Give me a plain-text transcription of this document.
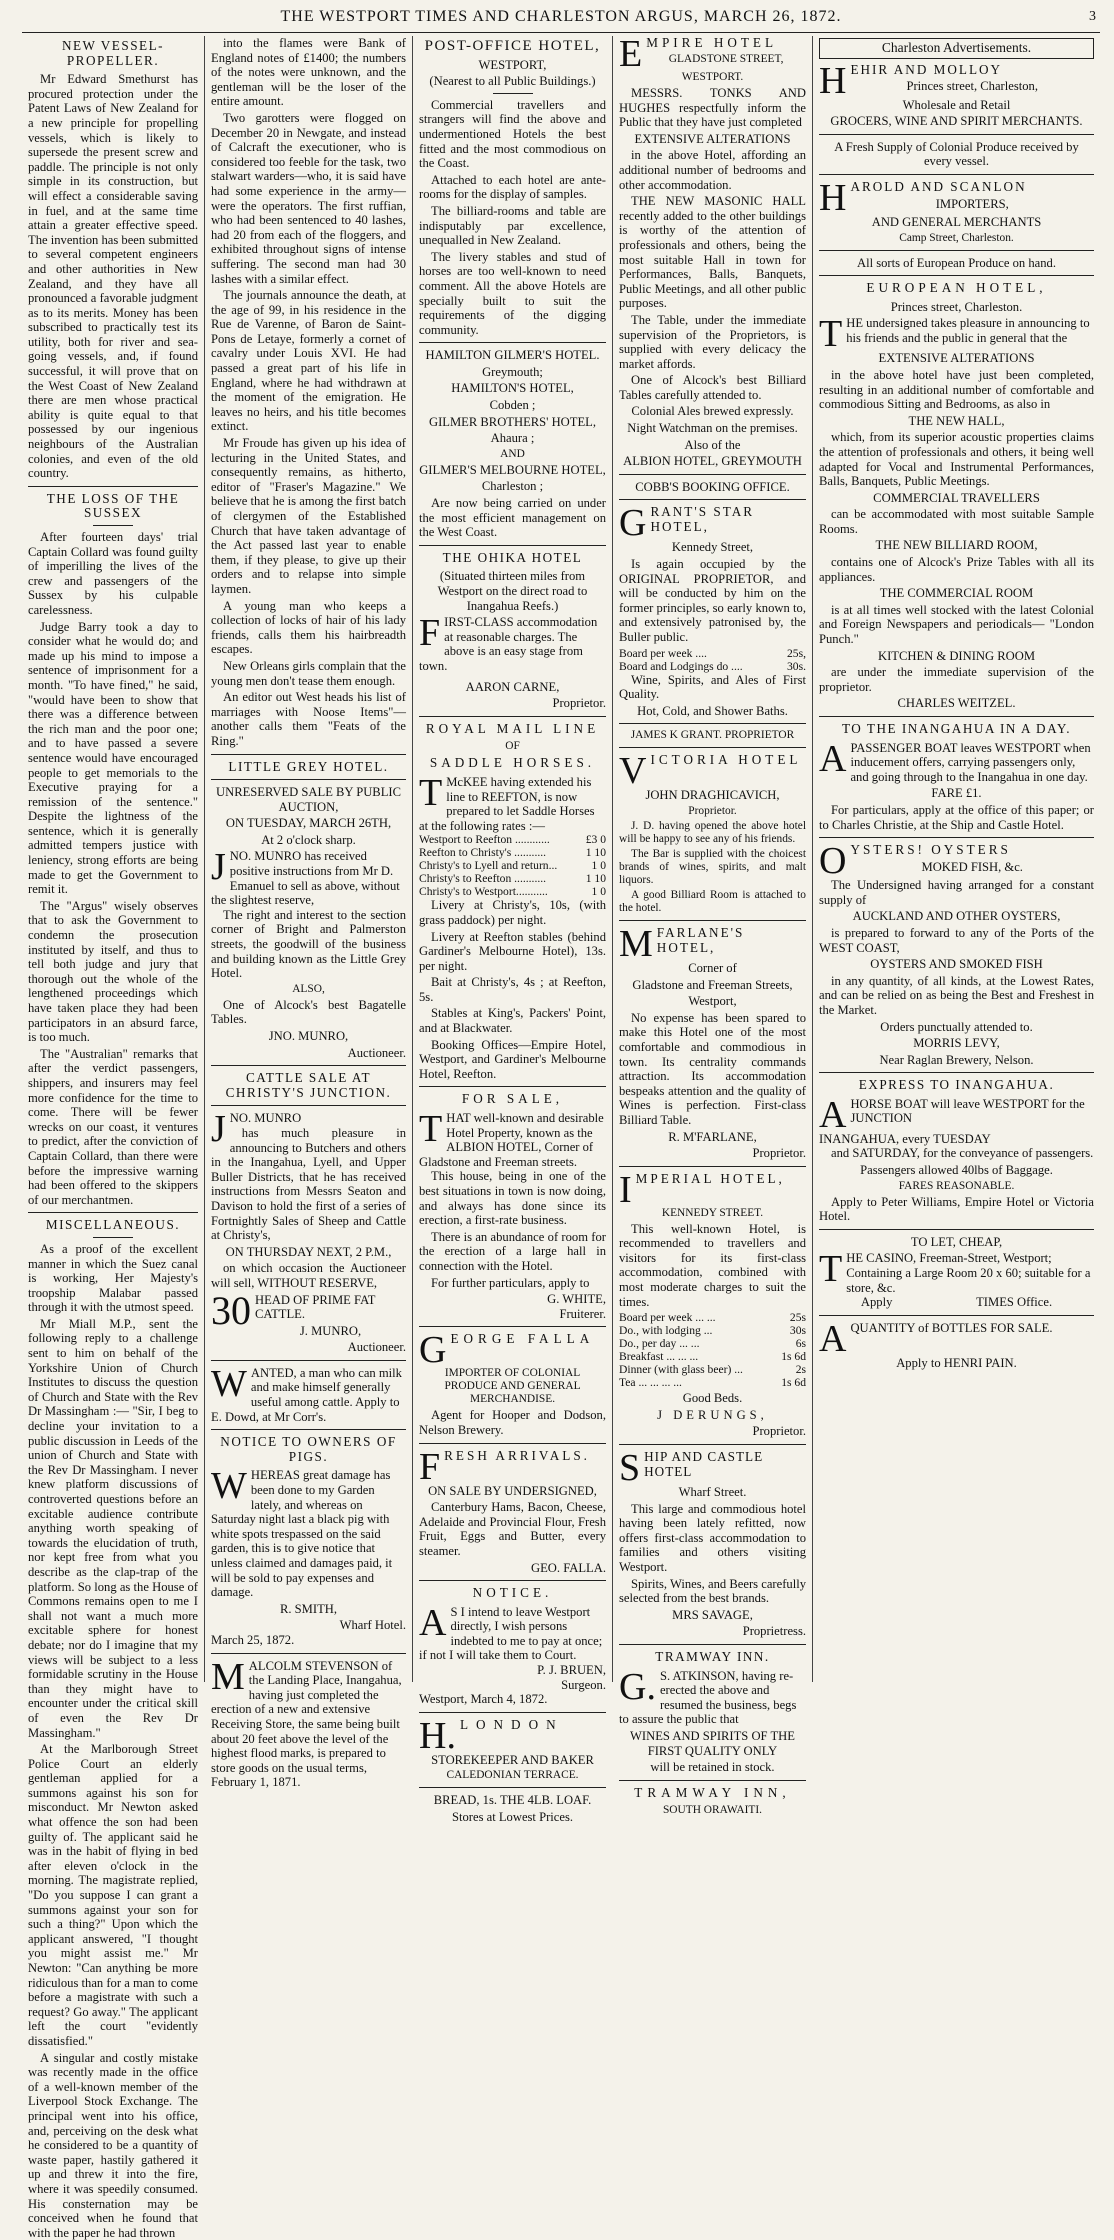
THE WESTPORT TIMES AND CHARLESTON ARGUS, MARCH 26, 1872.	3
NEW VESSEL-PROPELLER.

Mr Edward Smethurst has procured protection under the Patent Laws of New Zealand for a new principle for propelling vessels, which is likely to supersede the present screw and paddle. The principle is not only simple in its construction, but will effect a considerable saving in fuel, and at the same time attain a greater effective speed. The invention has been submitted to several competent engineers and other authorities in New Zealand, and they have all pronounced a favorable judgment as to its merits. Money has been subscribed to practically test its utility, both for river and sea-going vessels, and, if found successful, it will prove that on the West Coast of New Zealand there are men whose practical ability is quite equal to that possessed by our ingenious neighbours of the Australian colonies, and even of the old country.

THE LOSS OF THE SUSSEX

After fourteen days' trial Captain Collard was found guilty of imperilling the lives of the crew and passengers of the Sussex by his culpable carelessness.

Judge Barry took a day to consider what he would do; and made up his mind to impose a sentence of imprisonment for a month. "To have fined," he said, "would have been to show that there was a difference between the rich man and the poor one; and to have passed a severe sentence would have encouraged people to get memorials to the Executive praying for a remission of the sentence." Despite the lightness of the sentence, which it is generally admitted tempers justice with leniency, strong efforts are being made to get the Government to remit it.

The "Argus" wisely observes that to ask the Government to condemn the prosecution instituted by itself, and thus to tell both judge and jury that thorough out the whole of the lengthened proceedings which have taken place they had been participators in an absurd farce, is too much.

The "Australian" remarks that after the verdict passengers, shippers, and insurers may feel more confidence for the time to come. There will be fewer wrecks on our coast, it ventures to predict, after the conviction of Captain Collard, than there were before the impressive warning had been offered to the skippers of our merchantmen.

MISCELLANEOUS.

As a proof of the excellent manner in which the Suez canal is working, Her Majesty's troopship Malabar passed through it with the utmost speed.

Mr Miall M.P., sent the following reply to a challenge sent to him on behalf of the Yorkshire Union of Church Institutes to discuss the question of Church and State with the Rev Dr Massingham :— "Sir, I beg to decline your invitation to a public discussion in Leeds of the union of Church and State with the Rev Dr Massingham. I never knew platform discussions of controverted questions before an excitable audience contribute anything worth speaking of towards the elucidation of truth, nor kept free from what you describe as the clap-trap of the platform. So long as the House of Commons remains open to me I shall not want a much more excitable sphere for honest debate; nor do I imagine that my views will be subject to a less formidable scrutiny in the House than they might have to encounter under the critical skill of even the Rev Dr Massingham."

At the Marlborough Street Police Court an elderly gentleman applied for a summons against his son for misconduct. Mr Newton asked what offence the son had been guilty of. The applicant said he was in the habit of flying in bed after eleven o'clock in the morning. The magistrate replied, "Do you suppose I can grant a summons against your son for such a thing?" Upon which the applicant answered, "I thought you might assist me." Mr Newton: "Can anything be more ridiculous than for a man to come before a magistrate with such a request? Go away." The applicant left the court "evidently dissatisfied."

A singular and costly mistake was recently made in the office of a well-known member of the Liverpool Stock Exchange. The principal went into his office, and, perceiving on the desk what he considered to be a quantity of waste paper, hastily gathered it up and threw it into the fire, where it was speedily consumed. His consternation may be conceived when he found that with the paper he had thrown

into the flames were Bank of England notes of £1400; the numbers of the notes were unknown, and the gentleman will be the loser of the entire amount.

Two garotters were flogged on December 20 in Newgate, and instead of Calcraft the executioner, who is considered too feeble for the task, two stalwart warders—who, it is said have had some experience in the army—were the operators. The first ruffian, who had been sentenced to 40 lashes, had 20 from each of the floggers, and exhibited throughout signs of intense suffering. The second man had 30 lashes with a similar effect.

The journals announce the death, at the age of 99, in his residence in the Rue de Varenne, of Baron de Saint-Pons de Letaye, formerly a cornet of cavalry under Louis XVI. He had passed a great part of his life in England, where he had withdrawn at the moment of the emigration. He leaves no heirs, and his title becomes extinct.

Mr Froude has given up his idea of lecturing in the United States, and consequently remains, as hitherto, editor of "Fraser's Magazine." We believe that he is among the first batch of clergymen of the Established Church that have taken advantage of the Act passed last year to enable them, if they please, to give up their orders and to relapse into simple laymen.

A young man who keeps a collection of locks of hair of his lady friends, calls them his hairbreadth escapes.

New Orleans girls complain that the young men don't tease them enough.

An editor out West heads his list of marriages with Noose Items"—another calls them "Feats of the Ring."

LITTLE GREY HOTEL.
UNRESERVED SALE BY PUBLIC AUCTION,
ON TUESDAY, MARCH 26TH,
At 2 o'clock sharp.
JNO. MUNRO has received positive instructions from Mr D. Emanuel to sell as above, without the slightest reserve,

The right and interest to the section corner of Bright and Palmerston streets, the goodwill of the business and building known as the Little Grey Hotel.

ALSO,

One of Alcock's best Bagatelle Tables.

JNO. MUNRO,
Auctioneer.
CATTLE SALE AT CHRISTY'S JUNCTION.
JNO. MUNRO

has much pleasure in announcing to Butchers and others in the Inangahua, Lyell, and Upper Buller Districts, that he has received instructions from Messrs Seaton and Davison to hold the first of a series of Fortnightly Sales of Sheep and Cattle at Christy's,

ON THURSDAY NEXT, 2 P.M.,

on which occasion the Auctioneer will sell, WITHOUT RESERVE,

30 HEAD OF PRIME FAT CATTLE.
J. MUNRO,
Auctioneer.
WANTED, a man who can milk and make himself generally useful among cattle. Apply to E. Dowd, at Mr Corr's.
NOTICE TO OWNERS OF PIGS.
WHEREAS great damage has been done to my Garden lately, and whereas on Saturday night last a black pig with white spots trespassed on the said garden, this is to give notice that unless claimed and damages paid, it will be sold to pay expenses and damage.
R. SMITH,
Wharf Hotel.
March 25, 1872.
MALCOLM STEVENSON of the Landing Place, Inangahua, having just completed the erection of a new and extensive Receiving Store, the same being built about 20 feet above the level of the highest flood marks, is prepared to store goods on the usual terms,
February 1, 1871.
POST-OFFICE HOTEL,
WESTPORT,
(Nearest to all Public Buildings.)

Commercial travellers and strangers will find the above and undermentioned Hotels the best fitted and the most commodious on the Coast.

Attached to each hotel are ante-rooms for the display of samples.

The billiard-rooms and table are indisputably par excellence, unequalled in New Zealand.

The livery stables and stud of horses are too well-known to need comment. All the above Hotels are specially built to suit the requirements of the digging community.

HAMILTON GILMER'S HOTEL.
Greymouth;
HAMILTON'S HOTEL,
Cobden ;
GILMER BROTHERS' HOTEL,
Ahaura ;
AND
GILMER'S MELBOURNE HOTEL,
Charleston ;

Are now being carried on under the most efficient management on the West Coast.

THE OHIKA HOTEL
(Situated thirteen miles from Westport on the direct road to Inangahua Reefs.)
FIRST-CLASS accommodation at reasonable charges. The above is an easy stage from town.
AARON CARNE,
Proprietor.
ROYAL MAIL LINE
OF
SADDLE HORSES.
T McKEE having extended his line to REEFTON, is now prepared to let Saddle Horses at the following rates :—
Westport to Reefton ............	£3 0
Reefton to Christy's ...........	1 10
Christy's to Lyell and return...	1 0
Christy's to Reefton ...........	1 10
Christy's to Westport...........	1 0

Livery at Christy's, 10s, (with grass paddock) per night.

Livery at Reefton stables (behind Gardiner's Melbourne Hotel), 13s. per night.

Bait at Christy's, 4s ; at Reefton, 5s.

Stables at King's, Packers' Point, and at Blackwater.

Booking Offices—Empire Hotel, Westport, and Gardiner's Melbourne Hotel, Reefton.

FOR SALE,
THAT well-known and desirable Hotel Property, known as the ALBION HOTEL, Corner of Gladstone and Freeman streets.

This house, being in one of the best situations in town is now doing, and always has done since its erection, a first-rate business.

There is an abundance of room for the erection of a large hall in connection with the Hotel.

For further particulars, apply to

G. WHITE,
Fruiterer.
GEORGE FALLA
IMPORTER OF COLONIAL PRODUCE AND GENERAL MERCHANDISE.

Agent for Hooper and Dodson, Nelson Brewery.

FRESH ARRIVALS.
ON SALE BY UNDERSIGNED,

Canterbury Hams, Bacon, Cheese, Adelaide and Provincial Flour, Fresh Fruit, Eggs and Butter, every steamer.

GEO. FALLA.
NOTICE.
A S I intend to leave Westport directly, I wish persons indebted to me to pay at once; if not I will take them to Court.
P. J. BRUEN,
Surgeon.
Westport, March 4, 1872.
H. LONDON
STOREKEEPER AND BAKER
CALEDONIAN TERRACE.
BREAD, 1s. THE 4LB. LOAF.
Stores at Lowest Prices.
EMPIRE HOTEL
GLADSTONE STREET,
WESTPORT.

MESSRS. TONKS AND HUGHES respectfully inform the Public that they have just completed

EXTENSIVE ALTERATIONS

in the above Hotel, affording an additional number of bedrooms and other accommodation.

THE NEW MASONIC HALL recently added to the other buildings is worthy of the attention of professionals and others, being the most suitable Hall in town for Performances, Balls, Banquets, Public Meetings, and all other public purposes.

The Table, under the immediate supervision of the Proprietors, is supplied with every delicacy the market affords.

One of Alcock's best Billiard Tables carefully attended to.

Colonial Ales brewed expressly.
Night Watchman on the premises.
Also of the
ALBION HOTEL, GREYMOUTH
COBB'S BOOKING OFFICE.
GRANT'S STAR HOTEL,
Kennedy Street,

Is again occupied by the ORIGINAL PROPRIETOR, and will be conducted by him on the former principles, so early known to, and extensively patronised by, the Buller public.

Board per week ....	25s,
Board and Lodgings do ....	30s.

Wine, Spirits, and Ales of First Quality.

Hot, Cold, and Shower Baths.
JAMES K GRANT. PROPRIETOR
VICTORIA HOTEL
JOHN DRAGHICAVICH,
Proprietor.

J. D. having opened the above hotel will be happy to see any of his friends.

The Bar is supplied with the choicest brands of wines, spirits, and malt liquors.

A good Billiard Room is attached to the hotel.

MFARLANE'S HOTEL,
Corner of
Gladstone and Freeman Streets,
Westport,

No expense has been spared to make this Hotel one of the most comfortable and commodious in town. Its centrality commands attraction. Its accommodation bespeaks attention and the quality of Wines is perfection. First-class Billiard Table.

R. M'FARLANE,
Proprietor.
IMPERIAL HOTEL,
KENNEDY STREET.

This well-known Hotel, is recommended to travellers and visitors for its first-class accommodation, combined with most moderate charges to suit the times.

Board per week ... ...	25s
Do., with lodging ...	30s
Do., per day ... ...	6s
Breakfast ... ... ...	1s 6d
Dinner (with glass beer) ...	2s
Tea ... ... ... ...	1s 6d
Good Beds.
J DERUNGS,
Proprietor.
SHIP AND CASTLE HOTEL
Wharf Street.

This large and commodious hotel having been lately refitted, now offers first-class accommodation to families and others visiting Westport.

Spirits, Wines, and Beers carefully selected from the best brands.

MRS SAVAGE,
Proprietress.
TRAMWAY INN.
G. S. ATKINSON, having re-erected the above and resumed the business, begs to assure the public that
WINES AND SPIRITS OF THE FIRST QUALITY ONLY
will be retained in stock.
TRAMWAY INN,
SOUTH ORAWAITI.
Charleston Advertisements.
HEHIR AND MOLLOY
Princes street, Charleston,
Wholesale and Retail
GROCERS, WINE AND SPIRIT MERCHANTS.
A Fresh Supply of Colonial Produce received by every vessel.
HAROLD AND SCANLON
IMPORTERS,
AND GENERAL MERCHANTS
Camp Street, Charleston.
All sorts of European Produce on hand.
EUROPEAN HOTEL,
Princes street, Charleston.
THE undersigned takes pleasure in announcing to his friends and the public in general that the
EXTENSIVE ALTERATIONS

in the above hotel have just been completed, resulting in an additional number of comfortable and commodious Sitting and Bedrooms, as also in

THE NEW HALL,

which, from its superior acoustic properties claims the attention of professionals and others, it being well adapted for Vocal and Instrumental Performances, Balls, Banquets, Public Meetings.

COMMERCIAL TRAVELLERS

can be accommodated with most suitable Sample Rooms.

THE NEW BILLIARD ROOM,

contains one of Alcock's Prize Tables with all its appliances.

THE COMMERCIAL ROOM

is at all times well stocked with the latest Colonial and Foreign Newspapers and periodicals— "London Punch."

KITCHEN & DINING ROOM

are under the immediate supervision of the proprietor.

CHARLES WEITZEL.
TO THE INANGAHUA IN A DAY.
APASSENGER BOAT leaves WESTPORT when inducement offers, carrying passengers only, and going through to the Inangahua in one day.
FARE £1.

For particulars, apply at the office of this paper; or to Charles Christie, at the Ship and Castle Hotel.

OYSTERS! OYSTERS
MOKED FISH, &c.

The Undersigned having arranged for a constant supply of

AUCKLAND AND OTHER OYSTERS,

is prepared to forward to any of the Ports of the WEST COAST,

OYSTERS AND SMOKED FISH

in any quantity, of all kinds, at the Lowest Rates, and can be relied on as being the Best and Freshest in the Market.

Orders punctually attended to.
MORRIS LEVY,
Near Raglan Brewery, Nelson.
EXPRESS TO INANGAHUA.
AHORSE BOAT will leave WESTPORT for the JUNCTION
INANGAHUA, every TUESDAY

and SATURDAY, for the conveyance of passengers.

Passengers allowed 40lbs of Baggage.
FARES REASONABLE.

Apply to Peter Williams, Empire Hotel or Victoria Hotel.

TO LET, CHEAP,
THE CASINO, Freeman-Street, Westport; Containing a Large Room 20 x 60; suitable for a store, &c.
Apply	TIMES Office.
AQUANTITY of BOTTLES FOR SALE.
Apply to HENRI PAIN.
